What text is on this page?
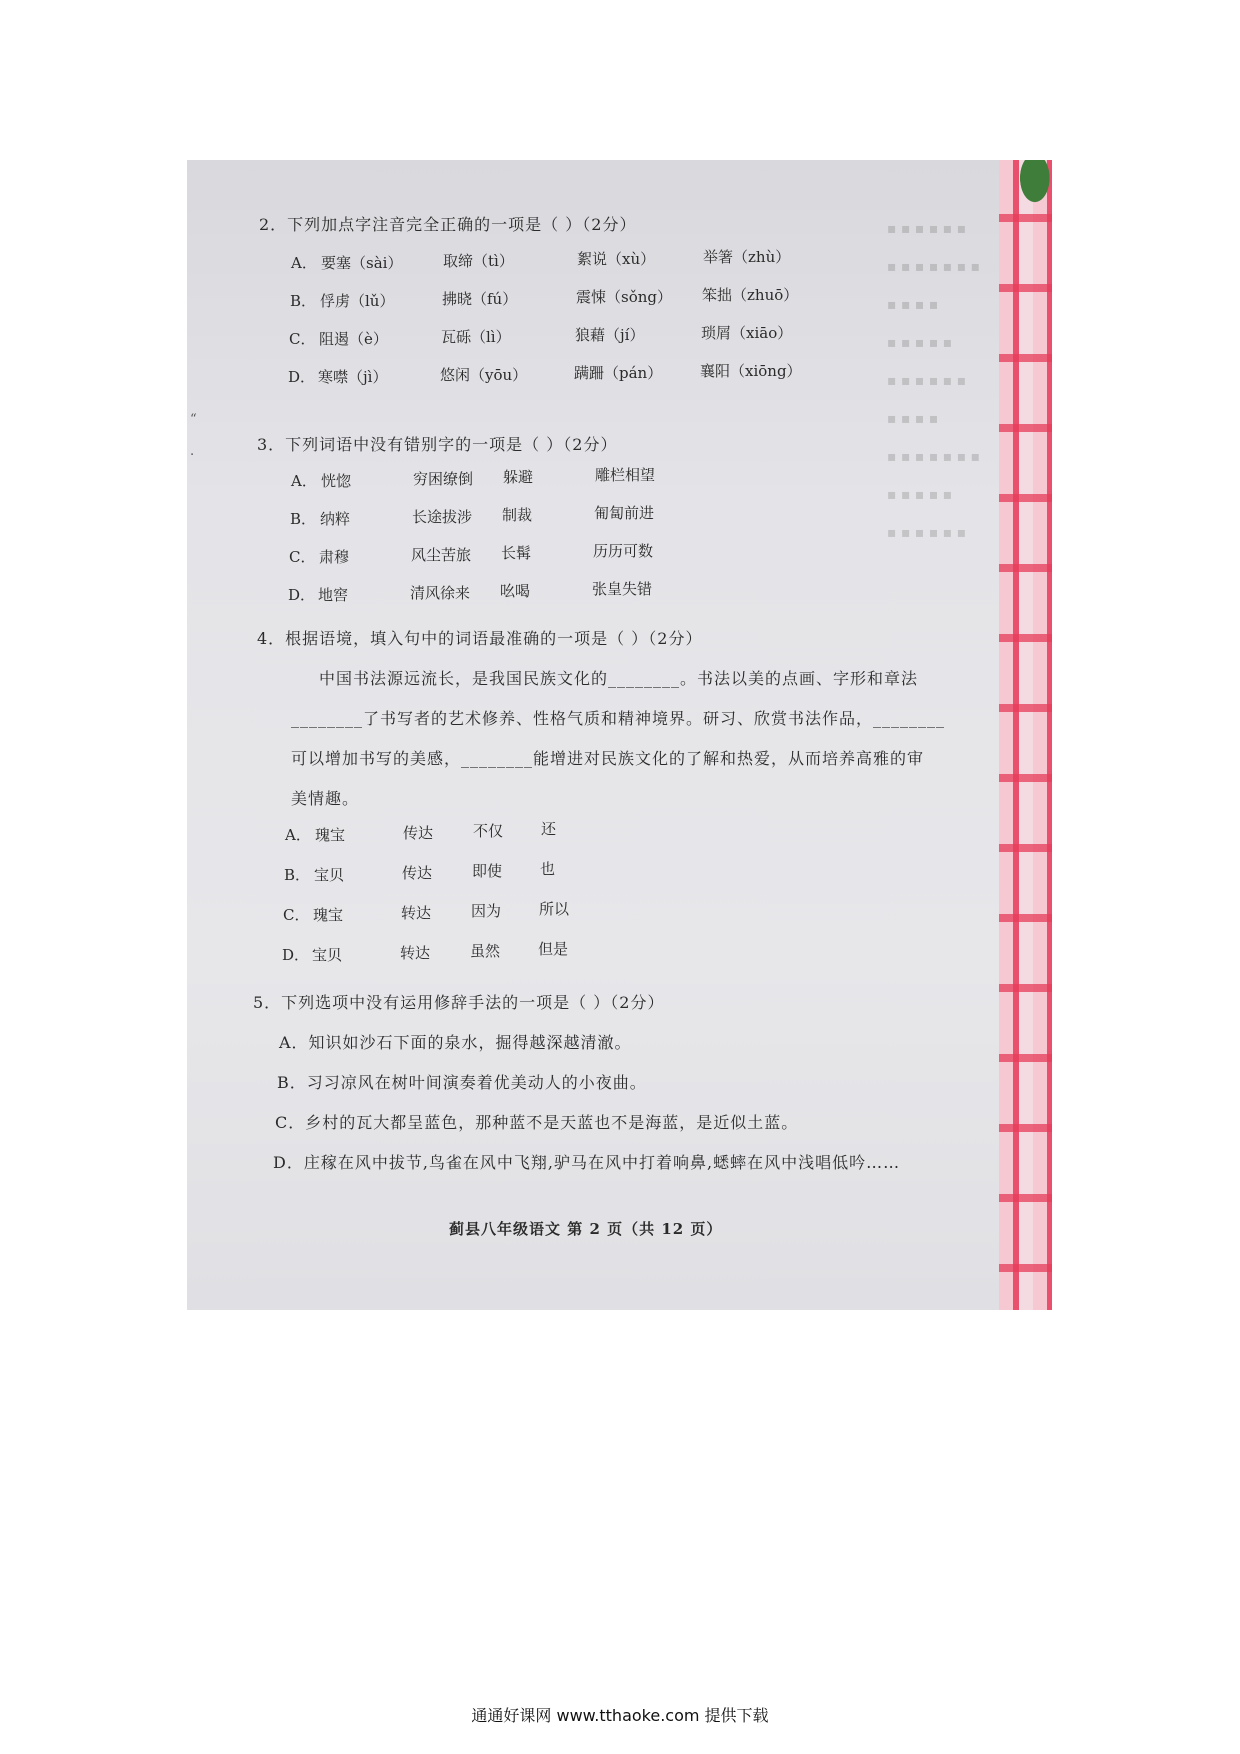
▪ ▪ ▪ ▪ ▪ ▪
▪ ▪ ▪ ▪ ▪ ▪ ▪
▪ ▪ ▪ ▪
▪ ▪ ▪ ▪ ▪
▪ ▪ ▪ ▪ ▪ ▪
▪ ▪ ▪ ▪
▪ ▪ ▪ ▪ ▪ ▪ ▪
▪ ▪ ▪ ▪ ▪
▪ ▪ ▪ ▪ ▪ ▪
2．下列加点字注音完全正确的一项是（ ）（2分）
A． 要塞（sài）	取缔（tì）	絮说（xù）	举箸（zhù）
B． 俘虏（lǔ）	拂晓（fú）	震悚（sǒng） 笨拙（zhuō）
C． 阻遏（è）	瓦砾（lì）	狼藉（jí）	琐屑（xiāo）
D． 寒噤（jì）	悠闲（yōu）	蹒跚（pán）	襄阳（xiōng）
3．下列词语中没有错别字的一项是（ ）（2分）
A． 恍惚	穷困缭倒 躲避	雕栏相望
B． 纳粹	长途拔涉 制裁	匍匐前进
C． 肃穆	风尘苦旅 长髯	历历可数
D． 地窖	清风徐来 吆喝	张皇失错
4．根据语境，填入句中的词语最准确的一项是（ ）（2分）
中国书法源远流长，是我国民族文化的________。书法以美的点画、字形和章法
________了书写者的艺术修养、性格气质和精神境界。研习、欣赏书法作品，________
可以增加书写的美感，________能增进对民族文化的了解和热爱，从而培养高雅的审
美情趣。
A． 瑰宝	传达	不仅	还
B． 宝贝	传达	即使	也
C． 瑰宝	转达	因为	所以
D． 宝贝	转达	虽然	但是
5．下列选项中没有运用修辞手法的一项是（ ）（2分）
A．知识如沙石下面的泉水，掘得越深越清澈。
B．习习凉风在树叶间演奏着优美动人的小夜曲。
C．乡村的瓦大都呈蓝色，那种蓝不是天蓝也不是海蓝，是近似土蓝。
D．庄稼在风中拔节,鸟雀在风中飞翔,驴马在风中打着响鼻,蟋蟀在风中浅唱低吟……
蓟县八年级语文 第 2 页（共 12 页）
“
.
通通好课网 www.tthaoke.com 提供下载
